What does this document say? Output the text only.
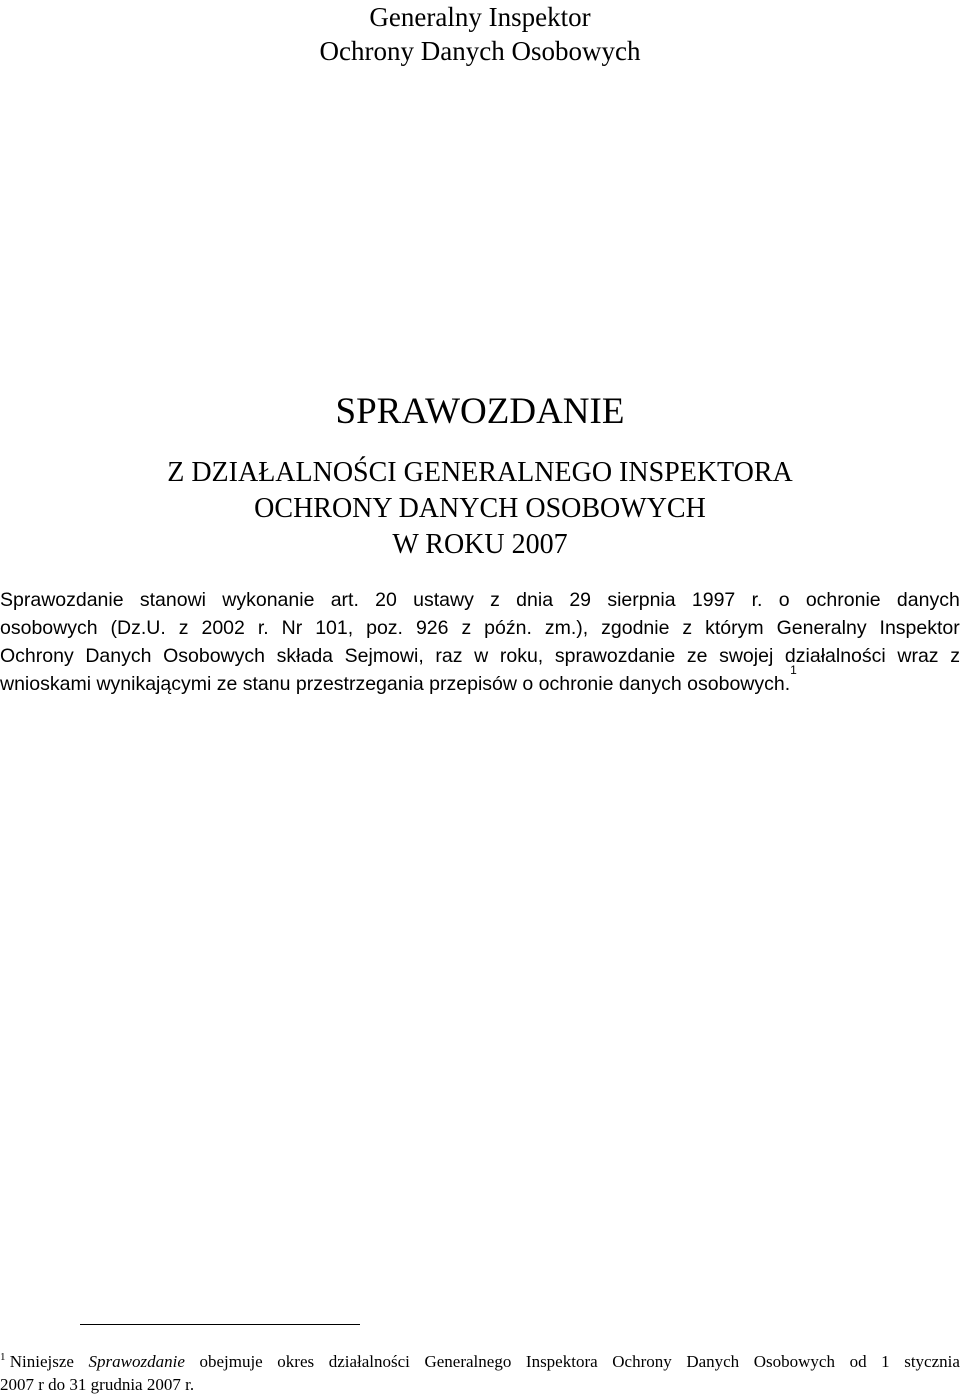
Generalny Inspektor
Ochrony Danych Osobowych
SPRAWOZDANIE
Z DZIAŁALNOŚCI GENERALNEGO INSPEKTORA
OCHRONY DANYCH OSOBOWYCH
W ROKU 2007
Sprawozdanie stanowi wykonanie art. 20 ustawy z dnia 29 sierpnia 1997 r. o ochronie danych
osobowych (Dz.U. z 2002 r. Nr 101, poz. 926 z późn. zm.), zgodnie z którym Generalny Inspektor
Ochrony Danych Osobowych składa Sejmowi, raz w roku, sprawozdanie ze swojej działalności wraz z
wnioskami wynikającymi ze stanu przestrzegania przepisów o ochronie danych osobowych.
1
$^1$ Niniejsze Sprawozdanie obejmuje okres działalności Generalnego Inspektora Ochrony Danych Osobowych od 1 stycznia
2007 r do 31 grudnia 2007 r.
